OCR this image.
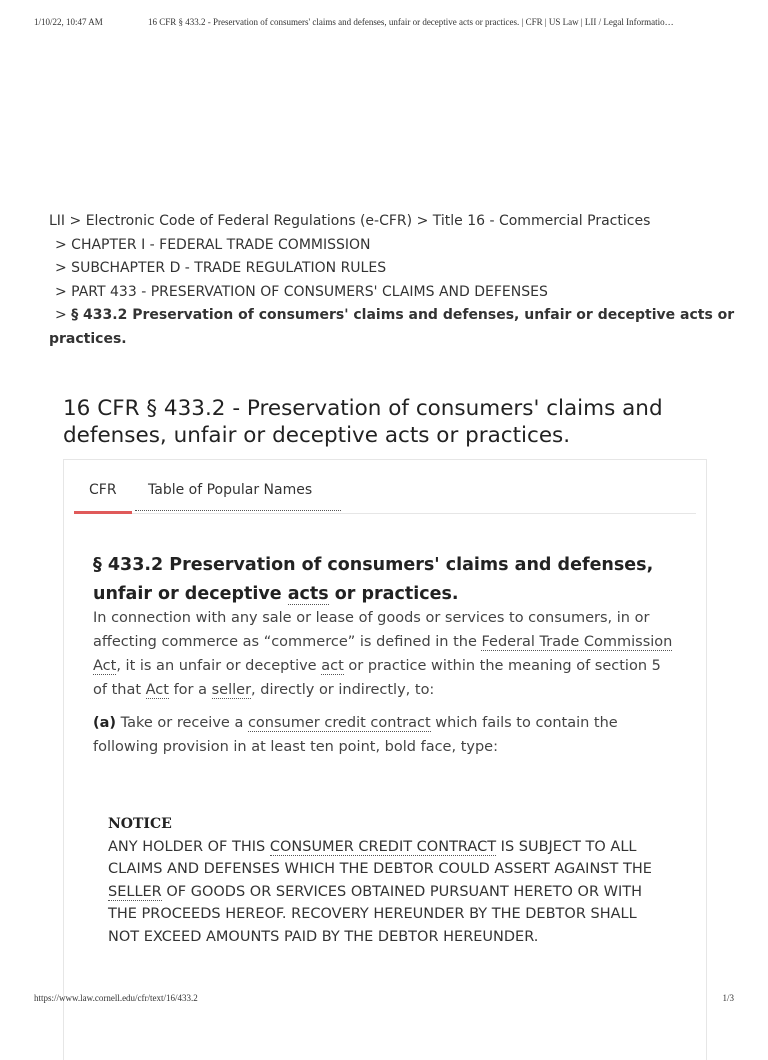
1/10/22, 10:47 AM	16 CFR § 433.2 - Preservation of consumers' claims and defenses, unfair or deceptive acts or practices. | CFR | US Law | LII / Legal Informatio…
LII > Electronic Code of Federal Regulations (e-CFR) > Title 16 - Commercial Practices
> CHAPTER I - FEDERAL TRADE COMMISSION
> SUBCHAPTER D - TRADE REGULATION RULES
> PART 433 - PRESERVATION OF CONSUMERS' CLAIMS AND DEFENSES
> § 433.2 Preservation of consumers' claims and defenses, unfair or deceptive acts or practices.
16 CFR § 433.2 - Preservation of consumers' claims and defenses, unfair or deceptive acts or practices.
CFR Table of Popular Names
§ 433.2 Preservation of consumers' claims and defenses, unfair or deceptive acts or practices.

In connection with any sale or lease of goods or services to consumers, in or affecting commerce as “commerce” is defined in the Federal Trade Commission Act, it is an unfair or deceptive act or practice within the meaning of section 5 of that Act for a seller, directly or indirectly, to:

(a) Take or receive a consumer credit contract which fails to contain the following provision in at least ten point, bold face, type:

NOTICE
ANY HOLDER OF THIS CONSUMER CREDIT CONTRACT IS SUBJECT TO ALL CLAIMS AND DEFENSES WHICH THE DEBTOR COULD ASSERT AGAINST THE SELLER OF GOODS OR SERVICES OBTAINED PURSUANT HERETO OR WITH THE PROCEEDS HEREOF. RECOVERY HEREUNDER BY THE DEBTOR SHALL NOT EXCEED AMOUNTS PAID BY THE DEBTOR HEREUNDER.
https://www.law.cornell.edu/cfr/text/16/433.2	1/3
